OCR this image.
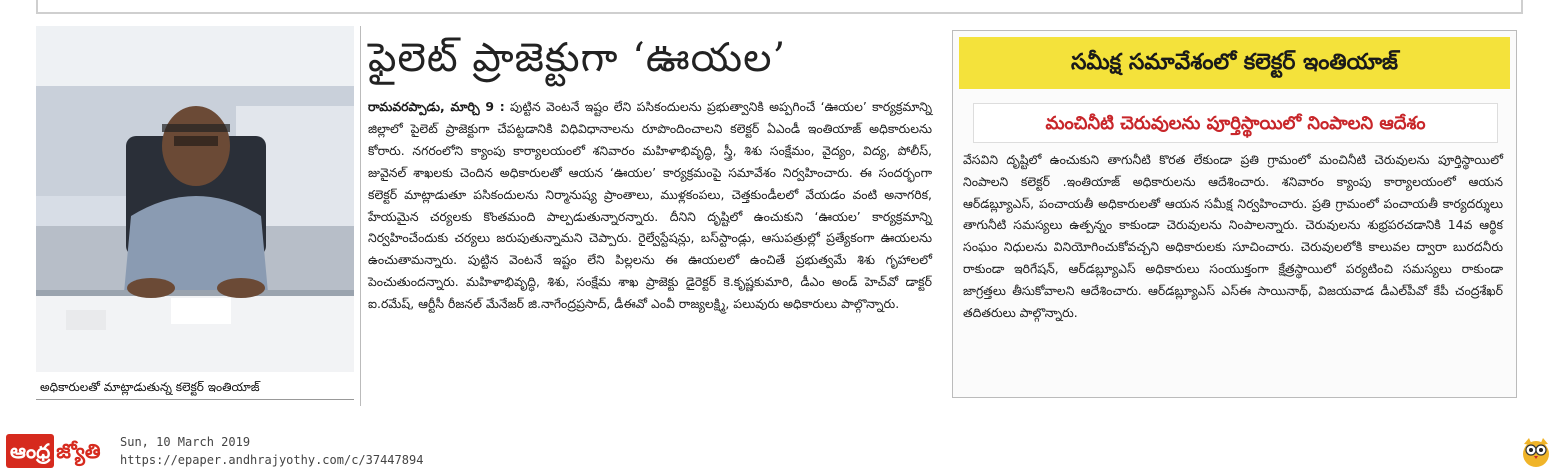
అధికారులతో మాట్లాడుతున్న కలెక్టర్ ఇంతియాజ్
ఫైలెట్ ప్రాజెక్టుగా ‘ఊయల’
రామవరప్పాడు, మార్చి 9 : పుట్టిన వెంటనే ఇష్టం లేని పసికందులను ప్రభుత్వానికి అప్పగించే ‘ఊయల’ కార్యక్రమాన్ని జిల్లాలో పైలెట్ ప్రాజెక్టుగా చేపట్టడానికి విధివిధానాలను రూపొందించాలని కలెక్టర్ ఏఎండీ ఇంతియాజ్ అధికారులను కోరారు. నగరంలోని క్యాంపు కార్యాలయంలో శనివారం మహిళాభివృద్ధి, స్త్రీ, శిశు సంక్షేమం, వైద్యం, విద్య, పోలీస్, జువైనల్ శాఖలకు చెందిన అధికారులతో ఆయన ‘ఊయల’ కార్యక్రమంపై సమావేశం నిర్వహించారు. ఈ సందర్భంగా కలెక్టర్ మాట్లాడుతూ పసికందులను నిర్మానుష్య ప్రాంతాలు, ముళ్లకంపలు, చెత్తకుండీలలో వేయడం వంటి అనాగరిక, హేయమైన చర్యలకు కొంతమంది పాల్పడుతున్నారన్నారు. దీనిని దృష్టిలో ఉంచుకుని ‘ఊయల’ కార్యక్రమాన్ని నిర్వహించేందుకు చర్యలు జరుపుతున్నామని చెప్పారు. రైల్వేస్టేషన్లు, బస్‌స్టాండ్లు, ఆసుపత్రుల్లో ప్రత్యేకంగా ఊయలను ఉంచుతామన్నారు. పుట్టిన వెంటనే ఇష్టం లేని పిల్లలను ఈ ఊయలలో ఉంచితే ప్రభుత్వమే శిశు గృహాలలో పెంచుతుందన్నారు. మహిళాభివృద్ధి, శిశు, సంక్షేమ శాఖ ప్రాజెక్టు డైరెక్టర్ కె.కృష్ణకుమారి, డీఎం అండ్ హెచ్‌వో డాక్టర్ ఐ.రమేష్, ఆర్టీసీ రీజనల్ మేనేజర్ జి.నాగేంద్రప్రసాద్, డీఈవో ఎంవీ రాజ్యలక్ష్మి, పలువురు అధికారులు పాల్గొన్నారు.
సమీక్ష సమావేశంలో కలెక్టర్ ఇంతియాజ్
మంచినీటి చెరువులను పూర్తిస్థాయిలో నింపాలని ఆదేశం
వేసవిని దృష్టిలో ఉంచుకుని తాగునీటి కొరత లేకుండా ప్రతి గ్రామంలో మంచినీటి చెరువులను పూర్తిస్థాయిలో నింపాలని కలెక్టర్ .ఇంతియాజ్ అధికారులను ఆదేశించారు. శనివారం క్యాంపు కార్యాలయంలో ఆయన ఆర్‌డబ్ల్యూఎస్, పంచాయతీ అధికారులతో ఆయన సమీక్ష నిర్వహించారు. ప్రతి గ్రామంలో పంచాయతీ కార్యదర్శులు తాగునీటి సమస్యలు ఉత్పన్నం కాకుండా చెరువులను నింపాలన్నారు. చెరువులను శుభ్రపరచడానికి 14వ ఆర్థిక సంఘం నిధులను వినియోగించుకోవచ్చని అధికారులకు సూచించారు. చెరువులలోకి కాలువల ద్వారా బురదనీరు రాకుండా ఇరిగేషన్, ఆర్‌డబ్ల్యూఎస్ అధికారులు సంయుక్తంగా క్షేత్రస్థాయిలో పర్యటించి సమస్యలు రాకుండా జాగ్రత్తలు తీసుకోవాలని ఆదేశించారు. ఆర్‌డబ్ల్యూఎస్ ఎస్‌ఈ సాయినాథ్, విజయవాడ డీఎల్‌పీవో కేపీ చంద్రశేఖర్ తదితరులు పాల్గొన్నారు.
ఆంధ్ర జ్యోతి	Sun, 10 March 2019
https://epaper.andhrajyothy.com/c/37447894
